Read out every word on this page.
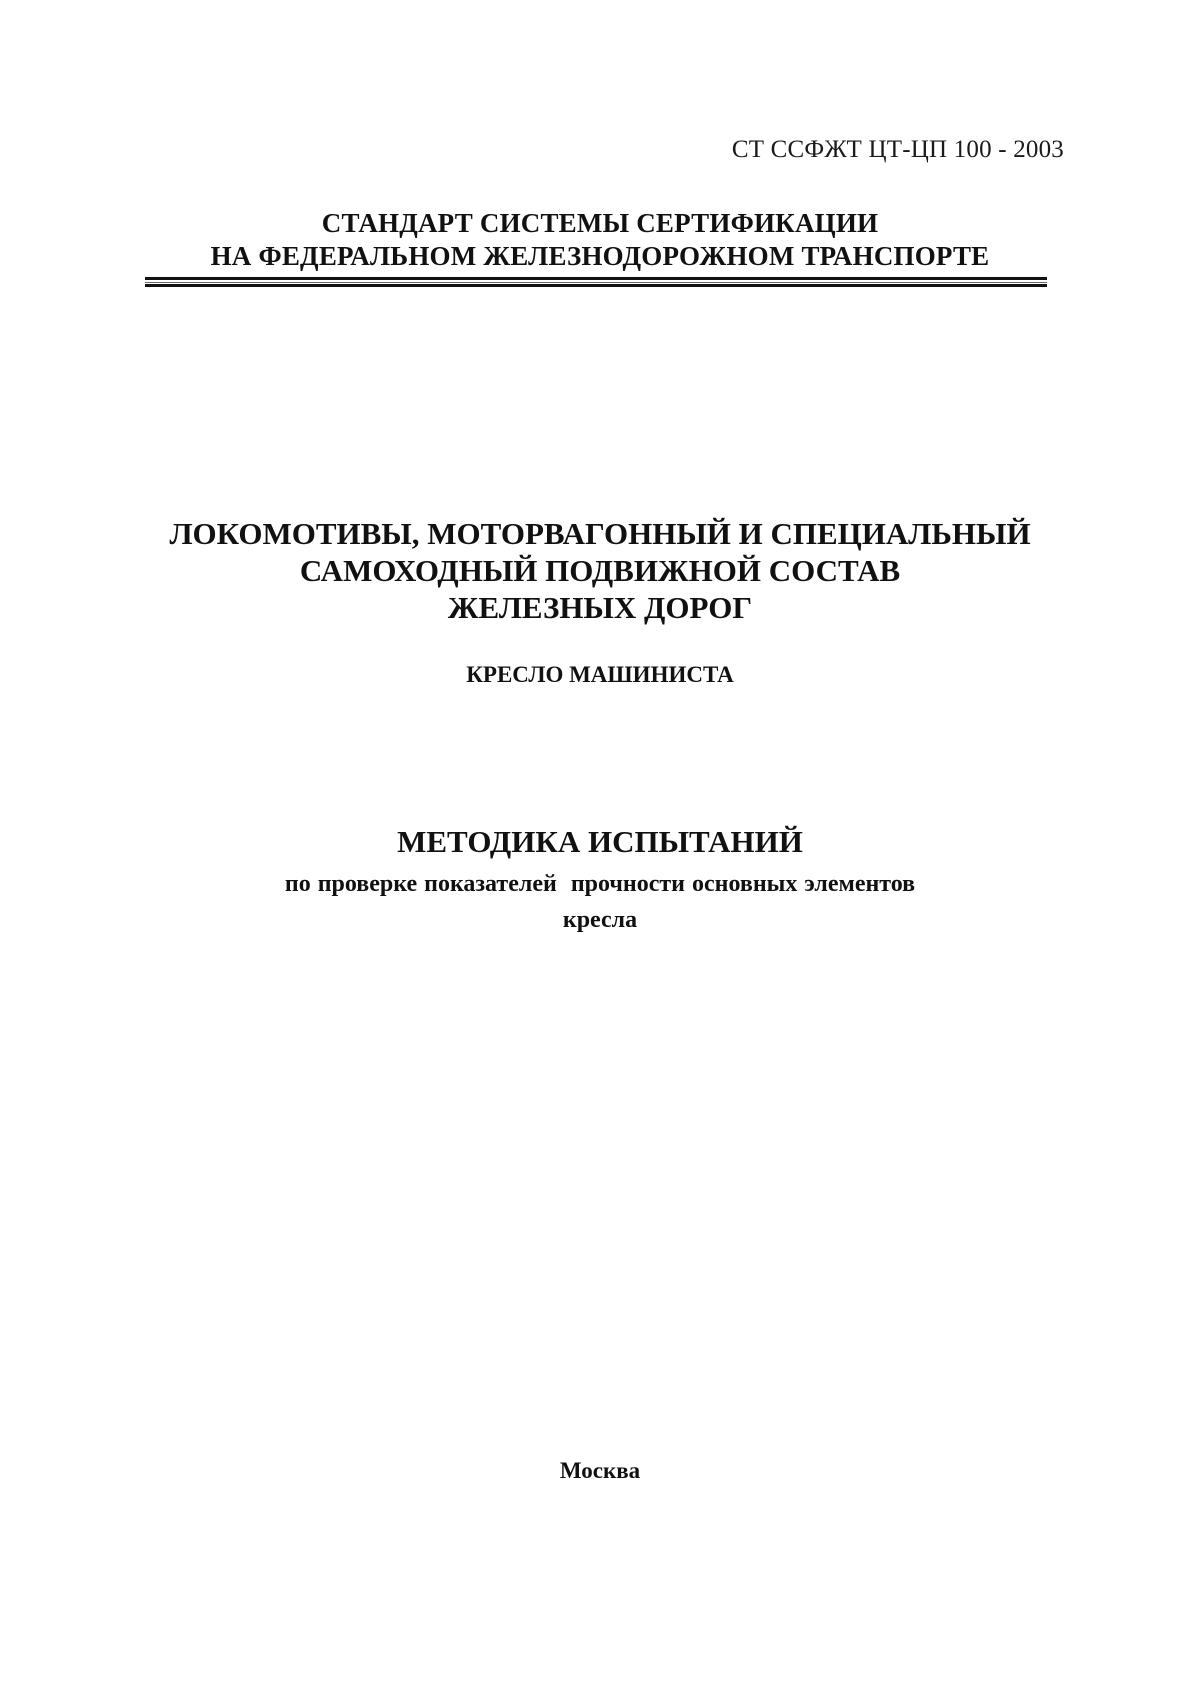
СТ ССФЖТ ЦТ-ЦП 100 - 2003
СТАНДАРТ СИСТЕМЫ СЕРТИФИКАЦИИ
НА ФЕДЕРАЛЬНОМ ЖЕЛЕЗНОДОРОЖНОМ ТРАНСПОРТЕ
ЛОКОМОТИВЫ, МОТОРВАГОННЫЙ И СПЕЦИАЛЬНЫЙ
САМОХОДНЫЙ ПОДВИЖНОЙ СОСТАВ
ЖЕЛЕЗНЫХ ДОРОГ
КРЕСЛО МАШИНИСТА
МЕТОДИКА ИСПЫТАНИЙ
по проверке показателей  прочности основных элементов
кресла
Москва
